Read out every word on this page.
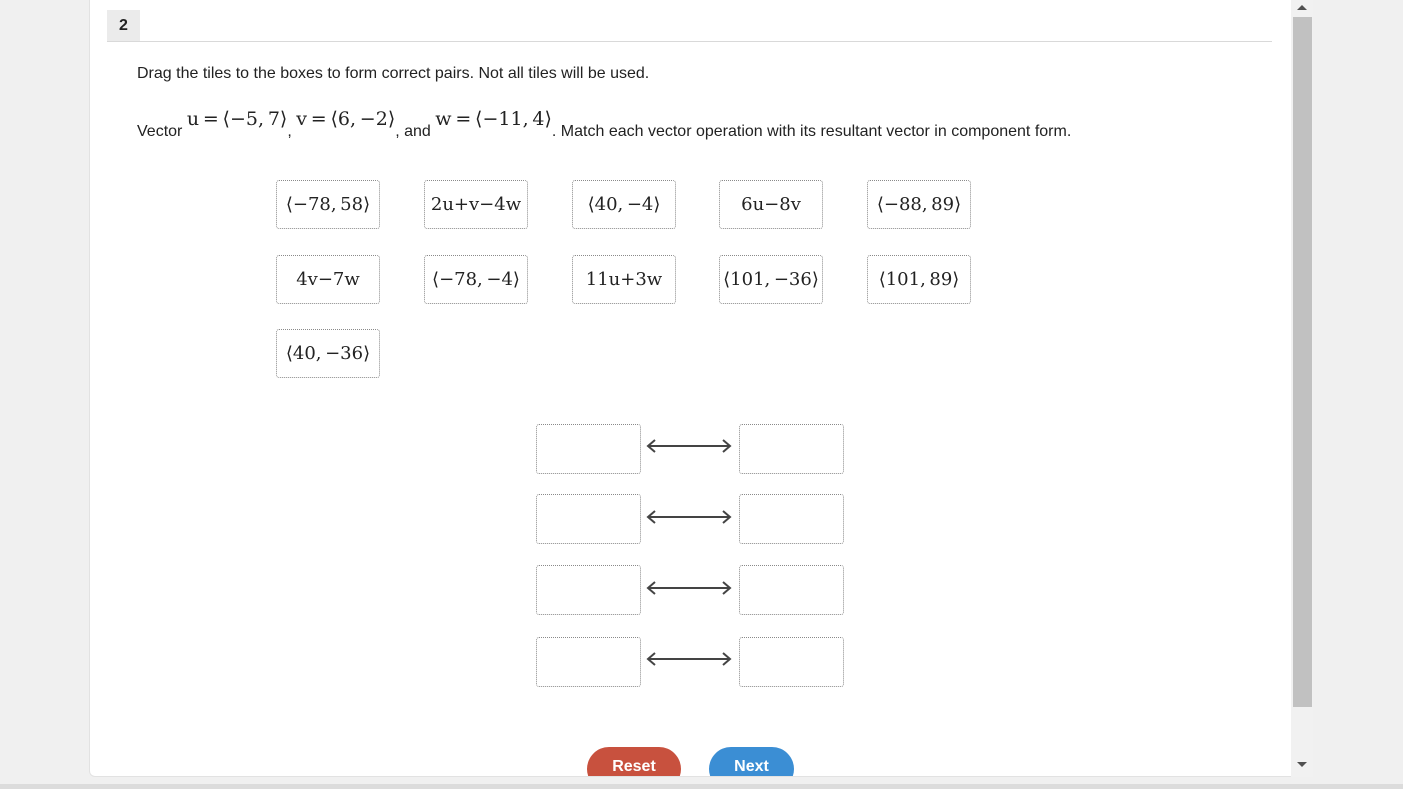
2
Drag the tiles to the boxes to form correct pairs. Not all tiles will be used.
Vector u = ⟨−5, 7⟩, v = ⟨6, −2⟩, and w = ⟨−11, 4⟩. Match each vector operation with its resultant vector in component form.
⟨−78, 58⟩	2u+v−4w	⟨40, −4⟩	6u−8v	⟨−88, 89⟩
4v−7w	⟨−78, −4⟩	11u+3w	⟨101, −36⟩	⟨101, 89⟩
⟨40, −36⟩
Reset	Next
